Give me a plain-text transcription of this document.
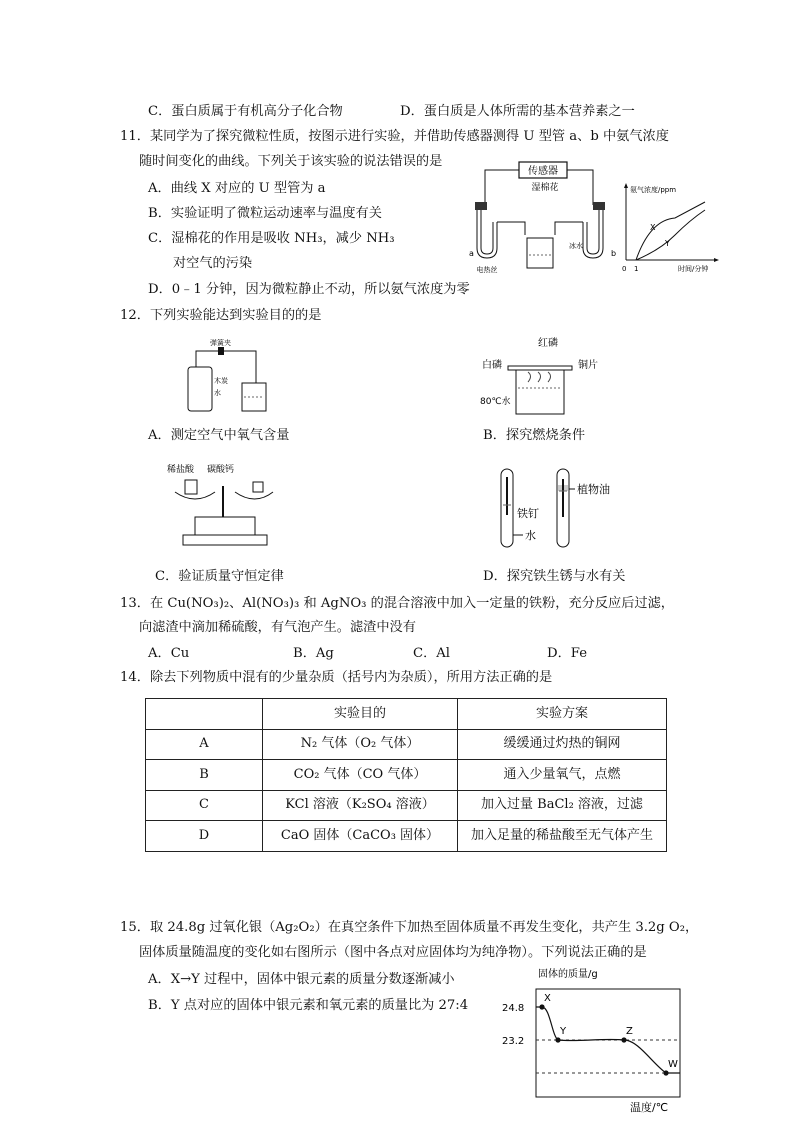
C．蛋白质属于有机高分子化合物	D．蛋白质是人体所需的基本营养素之一
11．某同学为了探究微粒性质，按图示进行实验，并借助传感器测得 U 型管 a、b 中氨气浓度
随时间变化的曲线。下列关于该实验的说法错误的是
A．曲线 X 对应的 U 型管为 a
B．实验证明了微粒运动速率与温度有关
C．湿棉花的作用是吸收 NH₃，减少 NH₃
对空气的污染
D．0﹣1 分钟，因为微粒静止不动，所以氨气浓度为零
传感器
湿棉花
a	b
电热丝
冰水
氨气浓度/ppm
时间/分钟
0 1
X
Y
12．下列实验能达到实验目的的是
弹簧夹
木炭
水
A．测定空气中氧气含量
白磷
红磷
铜片
80℃水
B．探究燃烧条件
稀盐酸 碳酸钙
C．验证质量守恒定律
植物油
铁钉
水
D．探究铁生锈与水有关
13．在 Cu(NO₃)₂、Al(NO₃)₃ 和 AgNO₃ 的混合溶液中加入一定量的铁粉，充分反应后过滤，
向滤渣中滴加稀硫酸，有气泡产生。滤渣中没有
A．Cu	B．Ag	C．Al	D．Fe
14．除去下列物质中混有的少量杂质（括号内为杂质），所用方法正确的是
	实验目的	实验方案
A	N₂ 气体（O₂ 气体）	缓缓通过灼热的铜网
B	CO₂ 气体（CO 气体）	通入少量氧气，点燃
C	KCl 溶液（K₂SO₄ 溶液）	加入过量 BaCl₂ 溶液，过滤
D	CaO 固体（CaCO₃ 固体）	加入足量的稀盐酸至无气体产生
15．取 24.8g 过氧化银（Ag₂O₂）在真空条件下加热至固体质量不再发生变化，共产生 3.2g O₂，
固体质量随温度的变化如右图所示（图中各点对应固体均为纯净物）。下列说法正确的是
A．X→Y 过程中，固体中银元素的质量分数逐渐减小
B．Y 点对应的固体中银元素和氧元素的质量比为 27:4
固体的质量/g
温度/℃
X
Y	Z
W
24.8
23.2
